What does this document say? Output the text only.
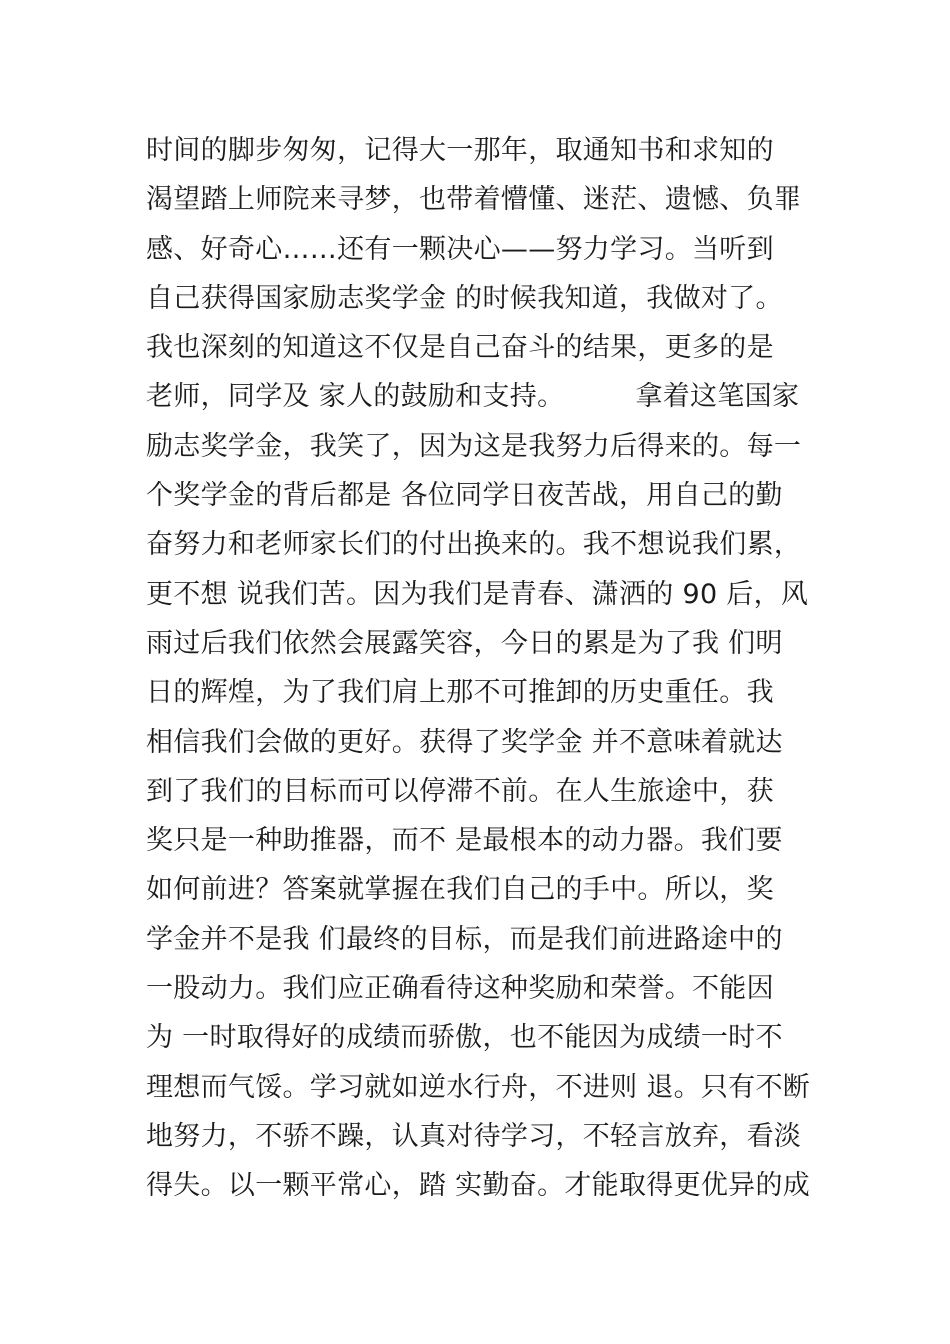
时间的脚步匆匆，记得大一那年，取通知书和求知的
渴望踏上师院来寻梦，也带着懵懂、迷茫、遗憾、负罪
感、好奇心……还有一颗决心——努力学习。当听到
自己获得国家励志奖学金 的时候我知道，我做对了。
我也深刻的知道这不仅是自己奋斗的结果，更多的是
老师，同学及 家人的鼓励和支持。        拿着这笔国家
励志奖学金，我笑了，因为这是我努力后得来的。每一
个奖学金的背后都是 各位同学日夜苦战，用自己的勤
奋努力和老师家长们的付出换来的。我不想说我们累，
更不想 说我们苦。因为我们是青春、潇洒的 90 后，风
雨过后我们依然会展露笑容，今日的累是为了我 们明
日的辉煌，为了我们肩上那不可推卸的历史重任。我
相信我们会做的更好。获得了奖学金 并不意味着就达
到了我们的目标而可以停滞不前。在人生旅途中，获
奖只是一种助推器，而不 是最根本的动力器。我们要
如何前进？答案就掌握在我们自己的手中。所以，奖
学金并不是我 们最终的目标，而是我们前进路途中的
一股动力。我们应正确看待这种奖励和荣誉。不能因
为 一时取得好的成绩而骄傲，也不能因为成绩一时不
理想而气馁。学习就如逆水行舟，不进则 退。只有不断
地努力，不骄不躁，认真对待学习，不轻言放弃，看淡
得失。以一颗平常心，踏 实勤奋。才能取得更优异的成
